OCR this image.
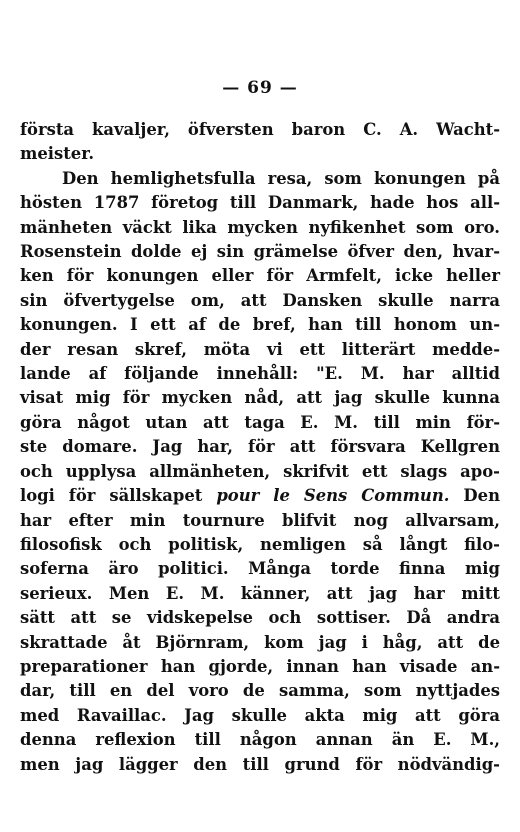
— 69 —
första kavaljer, öfversten baron C. A. Wacht-
meister.
Den hemlighetsfulla resa, som konungen på
hösten 1787 företog till Danmark, hade hos all-
mänheten väckt lika mycken nyfikenhet som oro.
Rosenstein dolde ej sin grämelse öfver den, hvar-
ken för konungen eller för Armfelt, icke heller
sin öfvertygelse om, att Dansken skulle narra
konungen. I ett af de bref, han till honom un-
der resan skref, möta vi ett litterärt medde-
lande af följande innehåll: "E. M. har alltid
visat mig för mycken nåd, att jag skulle kunna
göra något utan att taga E. M. till min för-
ste domare. Jag har, för att försvara Kellgren
och upplysa allmänheten, skrifvit ett slags apo-
logi för sällskapet pour le Sens Commun. Den
har efter min tournure blifvit nog allvarsam,
filosofisk och politisk, nemligen så långt filo-
soferna äro politici. Många torde finna mig
serieux. Men E. M. känner, att jag har mitt
sätt att se vidskepelse och sottiser. Då andra
skrattade åt Björnram, kom jag i håg, att de
preparationer han gjorde, innan han visade an-
dar, till en del voro de samma, som nyttjades
med Ravaillac. Jag skulle akta mig att göra
denna reflexion till någon annan än E. M.,
men jag lägger den till grund för nödvändig-
